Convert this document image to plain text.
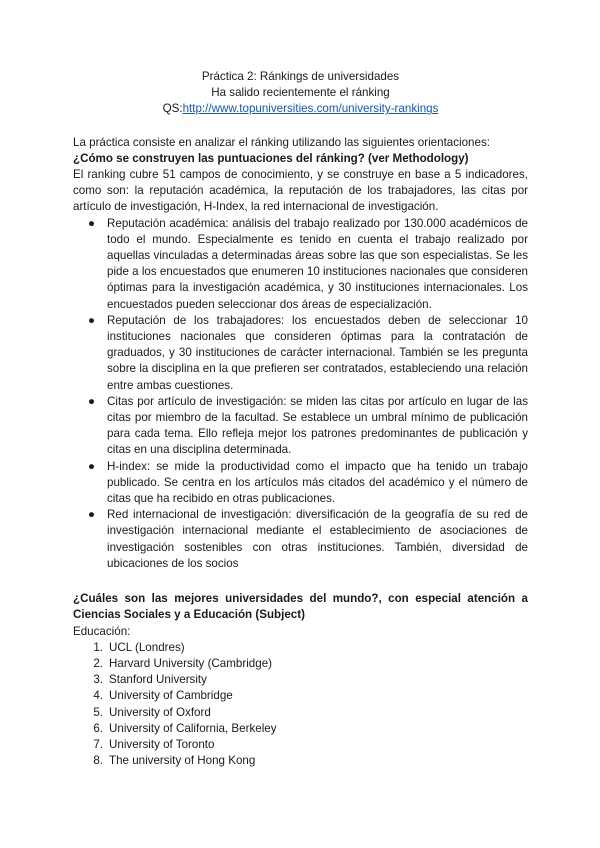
Práctica 2: Ránkings de universidades
Ha salido recientemente el ránking
QS:http://www.topuniversities.com/university-rankings
La práctica consiste en analizar el ránking utilizando las siguientes orientaciones:
¿Cómo se construyen las puntuaciones del ránking? (ver Methodology)
El ranking cubre 51 campos de conocimiento, y se construye en base a 5 indicadores, como son: la reputación académica, la reputación de los trabajadores, las citas por artículo de investigación, H-Index, la red internacional de investigación.
● Reputación académica: análisis del trabajo realizado por 130.000 académicos de todo el mundo. Especialmente es tenido en cuenta el trabajo realizado por aquellas vinculadas a determinadas áreas sobre las que son especialistas. Se les pide a los encuestados que enumeren 10 instituciones nacionales que consideren óptimas para la investigación académica, y 30 instituciones internacionales. Los encuestados pueden seleccionar dos áreas de especialización.
● Reputación de los trabajadores: los encuestados deben de seleccionar 10 instituciones nacionales que consideren óptimas para la contratación de graduados, y 30 instituciones de carácter internacional. También se les pregunta sobre la disciplina en la que prefieren ser contratados, estableciendo una relación entre ambas cuestiones.
● Citas por artículo de investigación: se miden las citas por artículo en lugar de las citas por miembro de la facultad. Se establece un umbral mínimo de publicación para cada tema. Ello refleja mejor los patrones predominantes de publicación y citas en una disciplina determinada.
● H-index: se mide la productividad como el impacto que ha tenido un trabajo publicado. Se centra en los artículos más citados del académico y el número de citas que ha recibido en otras publicaciones.
● Red internacional de investigación: diversificación de la geografía de su red de investigación internacional mediante el establecimiento de asociaciones de investigación sostenibles con otras instituciones. También, diversidad de ubicaciones de los socios
¿Cuáles son las mejores universidades del mundo?, con especial atención a Ciencias Sociales y a Educación (Subject)
Educación:
1. UCL (Londres)
2. Harvard University (Cambridge)
3. Stanford University
4. University of Cambridge
5. University of Oxford
6. University of California, Berkeley
7. University of Toronto
8. The university of Hong Kong
